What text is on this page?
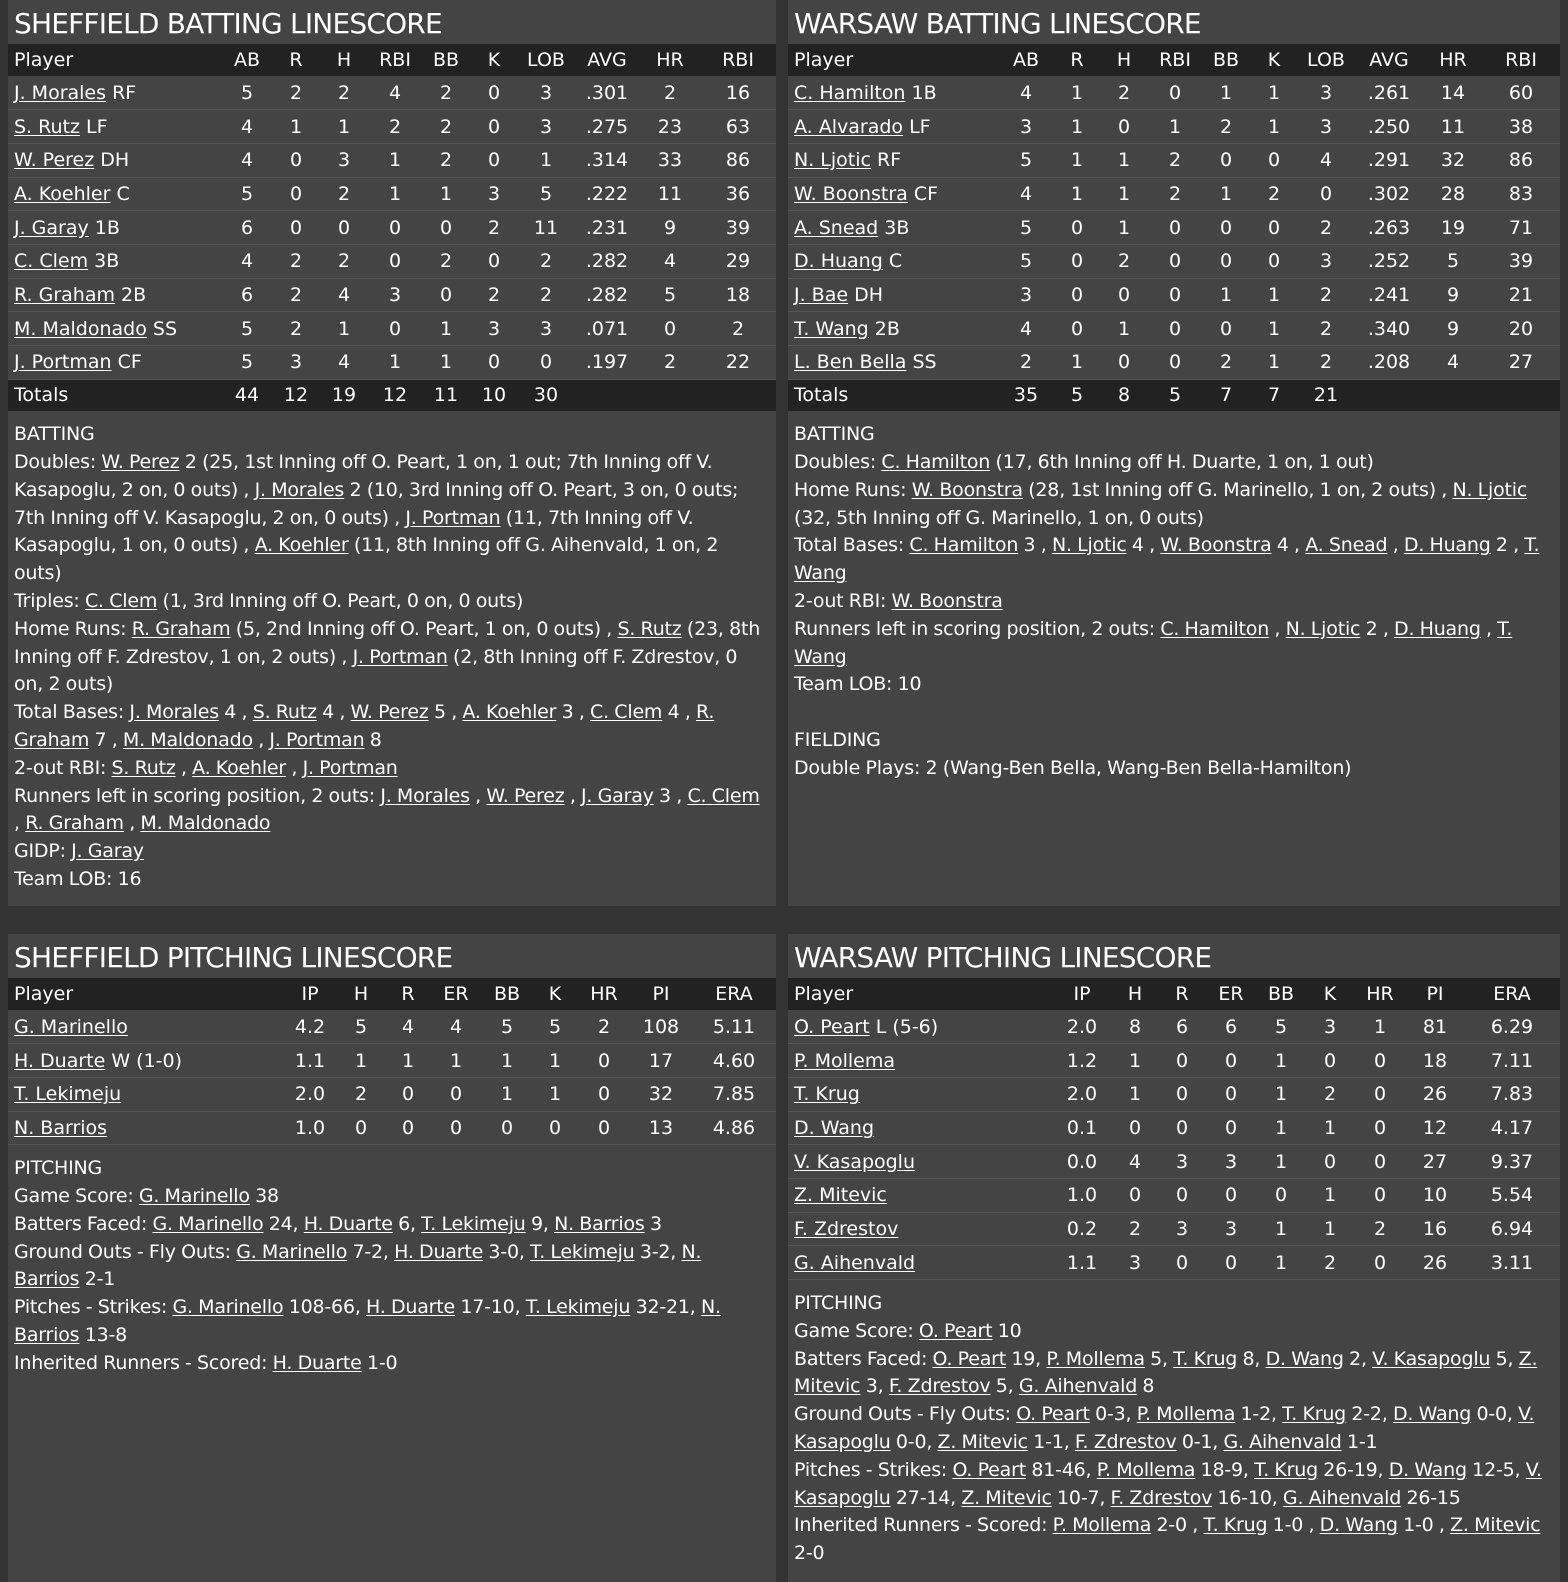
SHEFFIELD BATTING LINESCORE
Player	AB	R	H	RBI	BB	K	LOB	AVG	HR	RBI
J. Morales RF	5	2	2	4	2	0	3	.301	2	16
S. Rutz LF	4	1	1	2	2	0	3	.275	23	63
W. Perez DH	4	0	3	1	2	0	1	.314	33	86
A. Koehler C	5	0	2	1	1	3	5	.222	11	36
J. Garay 1B	6	0	0	0	0	2	11	.231	9	39
C. Clem 3B	4	2	2	0	2	0	2	.282	4	29
R. Graham 2B	6	2	4	3	0	2	2	.282	5	18
M. Maldonado SS	5	2	1	0	1	3	3	.071	0	2
J. Portman CF	5	3	4	1	1	0	0	.197	2	22
Totals	44	12	19	12	11	10	30			

BATTING

Doubles: W. Perez 2 (25, 1st Inning off O. Peart, 1 on, 1 out; 7th Inning off V. Kasapoglu, 2 on, 0 outs) , J. Morales 2 (10, 3rd Inning off O. Peart, 3 on, 0 outs; 7th Inning off V. Kasapoglu, 2 on, 0 outs) , J. Portman (11, 7th Inning off V. Kasapoglu, 1 on, 0 outs) , A. Koehler (11, 8th Inning off G. Aihenvald, 1 on, 2 outs)

Triples: C. Clem (1, 3rd Inning off O. Peart, 0 on, 0 outs)

Home Runs: R. Graham (5, 2nd Inning off O. Peart, 1 on, 0 outs) , S. Rutz (23, 8th Inning off F. Zdrestov, 1 on, 2 outs) , J. Portman (2, 8th Inning off F. Zdrestov, 0 on, 2 outs)

Total Bases: J. Morales 4 , S. Rutz 4 , W. Perez 5 , A. Koehler 3 , C. Clem 4 , R. Graham 7 , M. Maldonado , J. Portman 8

2-out RBI: S. Rutz , A. Koehler , J. Portman

Runners left in scoring position, 2 outs: J. Morales , W. Perez , J. Garay 3 , C. Clem , R. Graham , M. Maldonado

GIDP: J. Garay

Team LOB: 16

WARSAW BATTING LINESCORE
Player	AB	R	H	RBI	BB	K	LOB	AVG	HR	RBI
C. Hamilton 1B	4	1	2	0	1	1	3	.261	14	60
A. Alvarado LF	3	1	0	1	2	1	3	.250	11	38
N. Ljotic RF	5	1	1	2	0	0	4	.291	32	86
W. Boonstra CF	4	1	1	2	1	2	0	.302	28	83
A. Snead 3B	5	0	1	0	0	0	2	.263	19	71
D. Huang C	5	0	2	0	0	0	3	.252	5	39
J. Bae DH	3	0	0	0	1	1	2	.241	9	21
T. Wang 2B	4	0	1	0	0	1	2	.340	9	20
L. Ben Bella SS	2	1	0	0	2	1	2	.208	4	27
Totals	35	5	8	5	7	7	21			

BATTING

Doubles: C. Hamilton (17, 6th Inning off H. Duarte, 1 on, 1 out)

Home Runs: W. Boonstra (28, 1st Inning off G. Marinello, 1 on, 2 outs) , N. Ljotic (32, 5th Inning off G. Marinello, 1 on, 0 outs)

Total Bases: C. Hamilton 3 , N. Ljotic 4 , W. Boonstra 4 , A. Snead , D. Huang 2 , T. Wang

2-out RBI: W. Boonstra

Runners left in scoring position, 2 outs: C. Hamilton , N. Ljotic 2 , D. Huang , T. Wang

Team LOB: 10

FIELDING

Double Plays: 2 (Wang-Ben Bella, Wang-Ben Bella-Hamilton)

SHEFFIELD PITCHING LINESCORE
Player	IP	H	R	ER	BB	K	HR	PI	ERA
G. Marinello	4.2	5	4	4	5	5	2	108	5.11
H. Duarte W (1-0)	1.1	1	1	1	1	1	0	17	4.60
T. Lekimeju	2.0	2	0	0	1	1	0	32	7.85
N. Barrios	1.0	0	0	0	0	0	0	13	4.86

PITCHING

Game Score: G. Marinello 38

Batters Faced: G. Marinello 24, H. Duarte 6, T. Lekimeju 9, N. Barrios 3

Ground Outs - Fly Outs: G. Marinello 7-2, H. Duarte 3-0, T. Lekimeju 3-2, N. Barrios 2-1

Pitches - Strikes: G. Marinello 108-66, H. Duarte 17-10, T. Lekimeju 32-21, N. Barrios 13-8

Inherited Runners - Scored: H. Duarte 1-0

WARSAW PITCHING LINESCORE
Player	IP	H	R	ER	BB	K	HR	PI	ERA
O. Peart L (5-6)	2.0	8	6	6	5	3	1	81	6.29
P. Mollema	1.2	1	0	0	1	0	0	18	7.11
T. Krug	2.0	1	0	0	1	2	0	26	7.83
D. Wang	0.1	0	0	0	1	1	0	12	4.17
V. Kasapoglu	0.0	4	3	3	1	0	0	27	9.37
Z. Mitevic	1.0	0	0	0	0	1	0	10	5.54
F. Zdrestov	0.2	2	3	3	1	1	2	16	6.94
G. Aihenvald	1.1	3	0	0	1	2	0	26	3.11

PITCHING

Game Score: O. Peart 10

Batters Faced: O. Peart 19, P. Mollema 5, T. Krug 8, D. Wang 2, V. Kasapoglu 5, Z. Mitevic 3, F. Zdrestov 5, G. Aihenvald 8

Ground Outs - Fly Outs: O. Peart 0-3, P. Mollema 1-2, T. Krug 2-2, D. Wang 0-0, V. Kasapoglu 0-0, Z. Mitevic 1-1, F. Zdrestov 0-1, G. Aihenvald 1-1

Pitches - Strikes: O. Peart 81-46, P. Mollema 18-9, T. Krug 26-19, D. Wang 12-5, V. Kasapoglu 27-14, Z. Mitevic 10-7, F. Zdrestov 16-10, G. Aihenvald 26-15

Inherited Runners - Scored: P. Mollema 2-0 , T. Krug 1-0 , D. Wang 1-0 , Z. Mitevic 2-0
